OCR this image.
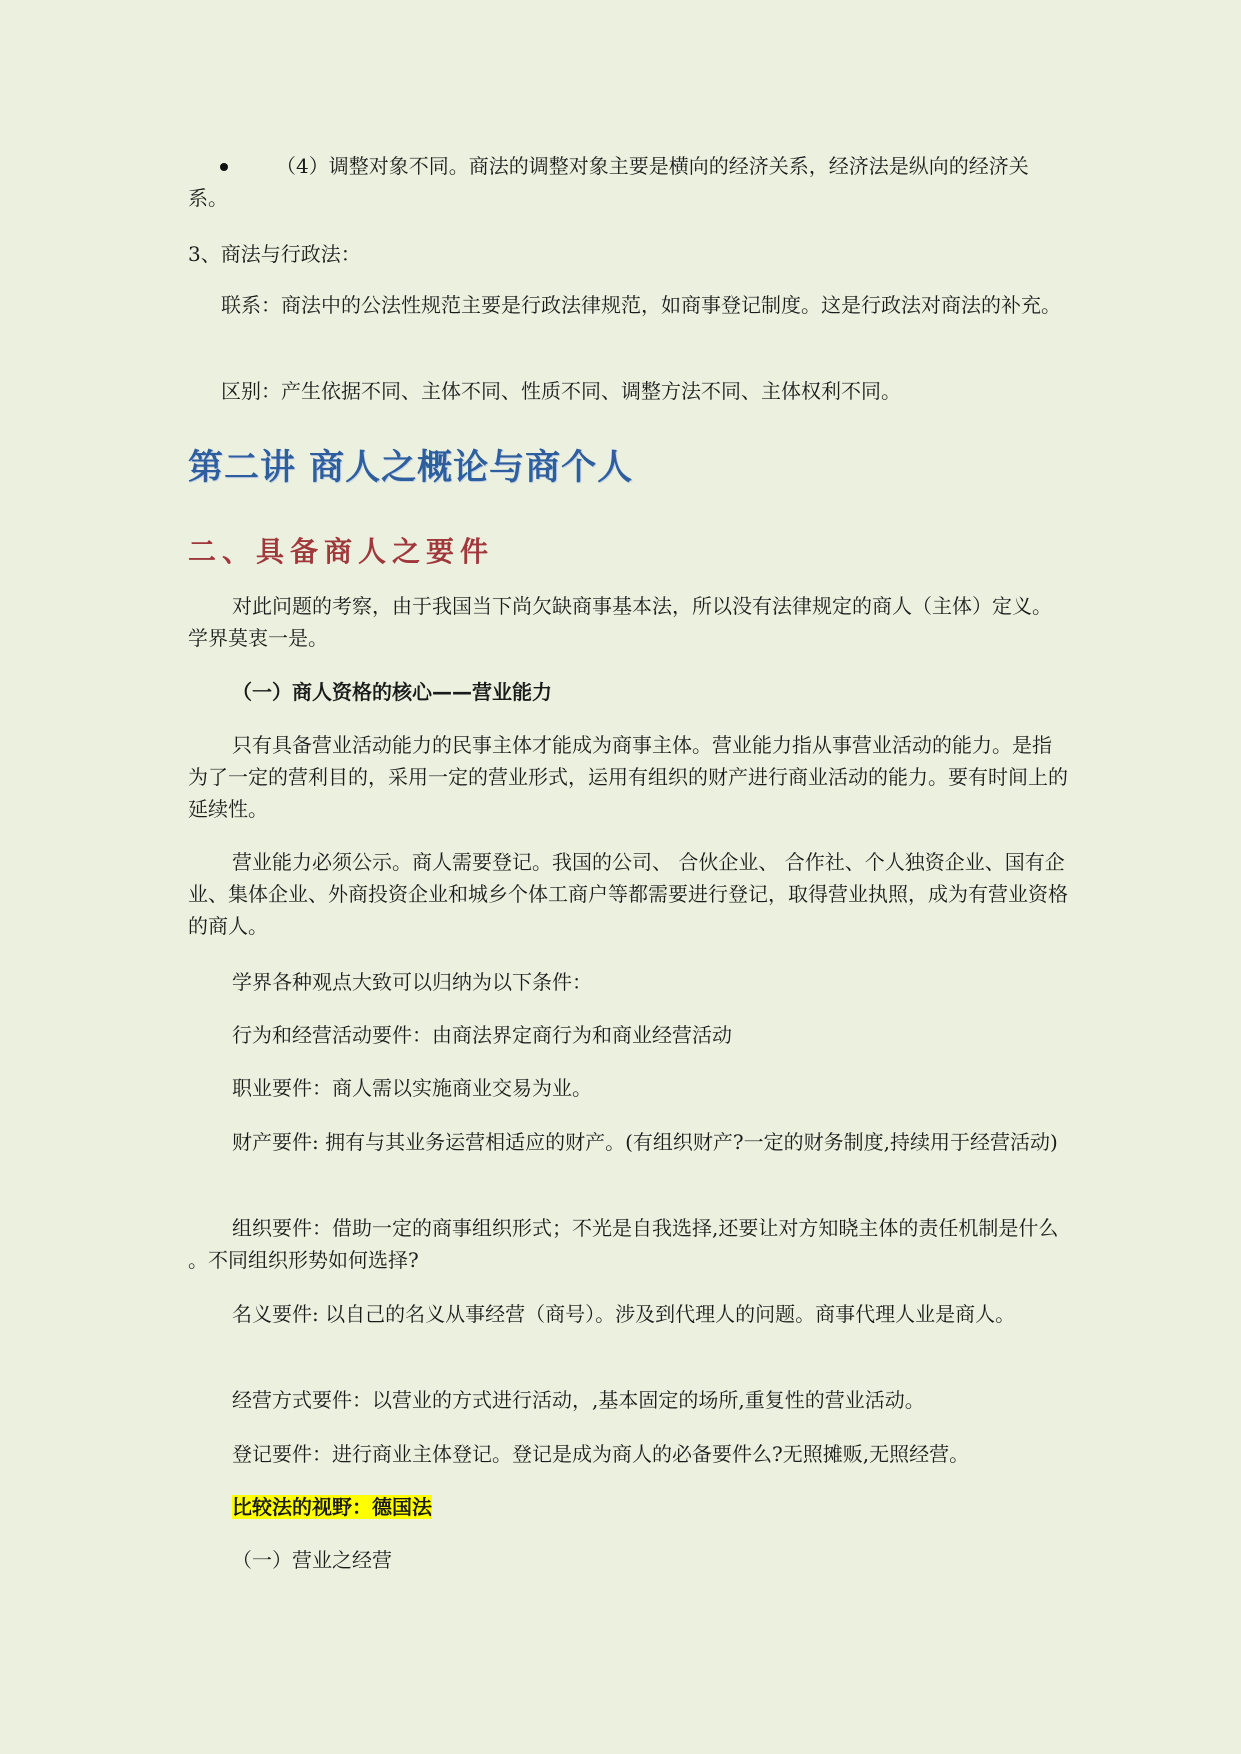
（4）调整对象不同。商法的调整对象主要是横向的经济关系，经济法是纵向的经济关系。

3、商法与行政法：

联系：商法中的公法性规范主要是行政法律规范，如商事登记制度。这是行政法对商法的补充。

区别：产生依据不同、主体不同、性质不同、调整方法不同、主体权利不同。

第二讲 商人之概论与商个人
二、具备商人之要件

对此问题的考察，由于我国当下尚欠缺商事基本法，所以没有法律规定的商人（主体）定义。学界莫衷一是。

（一）商人资格的核心——营业能力

只有具备营业活动能力的民事主体才能成为商事主体。营业能力指从事营业活动的能力。是指为了一定的营利目的，采用一定的营业形式，运用有组织的财产进行商业活动的能力。要有时间上的延续性。

营业能力必须公示。商人需要登记。我国的公司、 合伙企业、 合作社、个人独资企业、国有企业、集体企业、外商投资企业和城乡个体工商户等都需要进行登记，取得营业执照，成为有营业资格的商人。

学界各种观点大致可以归纳为以下条件：

行为和经营活动要件：由商法界定商行为和商业经营活动

职业要件：商人需以实施商业交易为业。

财产要件: 拥有与其业务运营相适应的财产。(有组织财产?一定的财务制度,持续用于经营活动)

组织要件：借助一定的商事组织形式；不光是自我选择,还要让对方知晓主体的责任机制是什么 。不同组织形势如何选择?

名义要件: 以自己的名义从事经营（商号）。涉及到代理人的问题。商事代理人业是商人。

经营方式要件：以营业的方式进行活动，,基本固定的场所,重复性的营业活动。

登记要件：进行商业主体登记。登记是成为商人的必备要件么?无照摊贩,无照经营。

比较法的视野：德国法

（一）营业之经营
